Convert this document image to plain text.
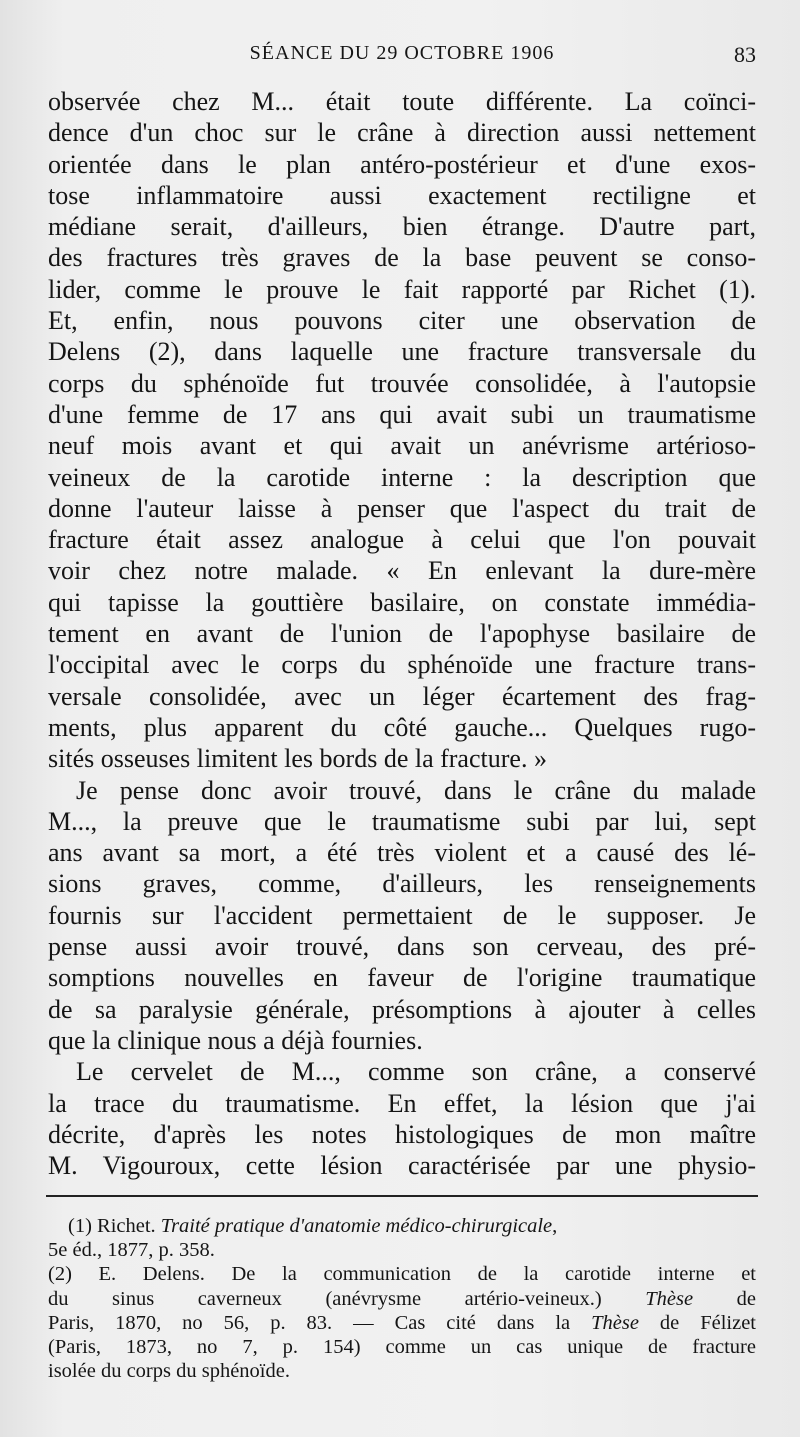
SÉANCE DU 29 OCTOBRE 1906	83
observée chez M... était toute différente. La coïnci-
dence d'un choc sur le crâne à direction aussi nettement
orientée dans le plan antéro-postérieur et d'une exos-
tose inflammatoire aussi exactement rectiligne et
médiane serait, d'ailleurs, bien étrange. D'autre part,
des fractures très graves de la base peuvent se conso-
lider, comme le prouve le fait rapporté par Richet (1).
Et, enfin, nous pouvons citer une observation de
Delens (2), dans laquelle une fracture transversale du
corps du sphénoïde fut trouvée consolidée, à l'autopsie
d'une femme de 17 ans qui avait subi un traumatisme
neuf mois avant et qui avait un anévrisme artérioso-
veineux de la carotide interne : la description que
donne l'auteur laisse à penser que l'aspect du trait de
fracture était assez analogue à celui que l'on pouvait
voir chez notre malade. « En enlevant la dure-mère
qui tapisse la gouttière basilaire, on constate immédia-
tement en avant de l'union de l'apophyse basilaire de
l'occipital avec le corps du sphénoïde une fracture trans-
versale consolidée, avec un léger écartement des frag-
ments, plus apparent du côté gauche... Quelques rugo-
sités osseuses limitent les bords de la fracture. »
Je pense donc avoir trouvé, dans le crâne du malade
M..., la preuve que le traumatisme subi par lui, sept
ans avant sa mort, a été très violent et a causé des lé-
sions graves, comme, d'ailleurs, les renseignements
fournis sur l'accident permettaient de le supposer. Je
pense aussi avoir trouvé, dans son cerveau, des pré-
somptions nouvelles en faveur de l'origine traumatique
de sa paralysie générale, présomptions à ajouter à celles
que la clinique nous a déjà fournies.
Le cervelet de M..., comme son crâne, a conservé
la trace du traumatisme. En effet, la lésion que j'ai
décrite, d'après les notes histologiques de mon maître
M. Vigouroux, cette lésion caractérisée par une physio-
(1) Richet. Traité pratique d'anatomie médico-chirurgicale,
5e éd., 1877, p. 358.
(2) E. Delens. De la communication de la carotide interne et
du sinus caverneux (anévrysme artério-veineux.) Thèse de
Paris, 1870, no 56, p. 83. — Cas cité dans la Thèse de Félizet
(Paris, 1873, no 7, p. 154) comme un cas unique de fracture
isolée du corps du sphénoïde.
